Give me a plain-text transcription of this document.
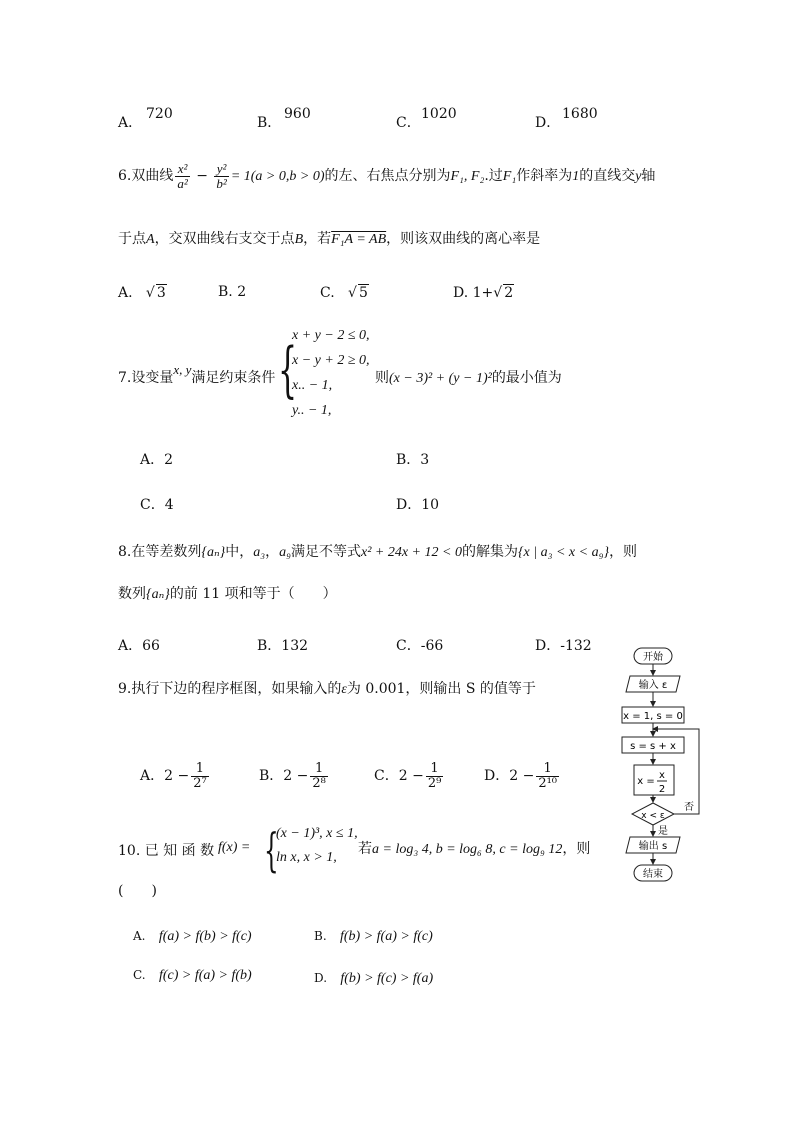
A．
720
B．
960
C．
1020
D．
1680
6.双曲线 $\frac{\text{x²}}{\text{a²}} - \frac{\text{y²}}{\text{b²}} = 1(a > 0,b > 0)$的左、右焦点分别为F₁, F₂.过F₁作斜率为1的直线交y轴
于点A，交双曲线右支交于点B，若F₁A = AB，则该双曲线的离心率是
A.   √ 3	B. 2	C.   √ 5	D. 1+√ 2
7.设变量x, y满足约束条件 {
x + y − 2 ≤ 0,
x − y + 2 ≥ 0,
x.. − 1,
y.. − 1,
则(x − 3)² + (y − 1)²的最小值为
A．2	B．3
C．4	D．10
8.在等差数列{aₙ}中，a₃，a₉满足不等式x² + 24x + 12 < 0的解集为{x | a₃ < x < a₉}，则
数列{aₙ}的前 11 项和等于（　　）
A．66	B．132	C．-66	D．-132
9.执行下边的程序框图，如果输入的ε为 0.001，则输出 S 的值等于
A．$2 - \frac{1}{\text{2⁷}}$	B．$2 - \frac{1}{\text{2⁸}}$	C．$2 - \frac{1}{\text{2⁹}}$	D．$2 - \frac{1}{\text{2¹⁰}}$
开始
输入 ε
x = 1, s = 0
s = s + x
x =
x
2
x < ε
否
是
输出 s
结束
10. 已 知 函 数 f(x) = {
(x − 1)³, x ≤ 1,
ln x, x > 1,
若a = log₃ 4, b = log₆ 8, c = log₉ 12，则
(　　)
A. f(a) > f(b) > f(c)	B. f(b) > f(a) > f(c)
C. f(c) > f(a) > f(b)	D. f(b) > f(c) > f(a)
